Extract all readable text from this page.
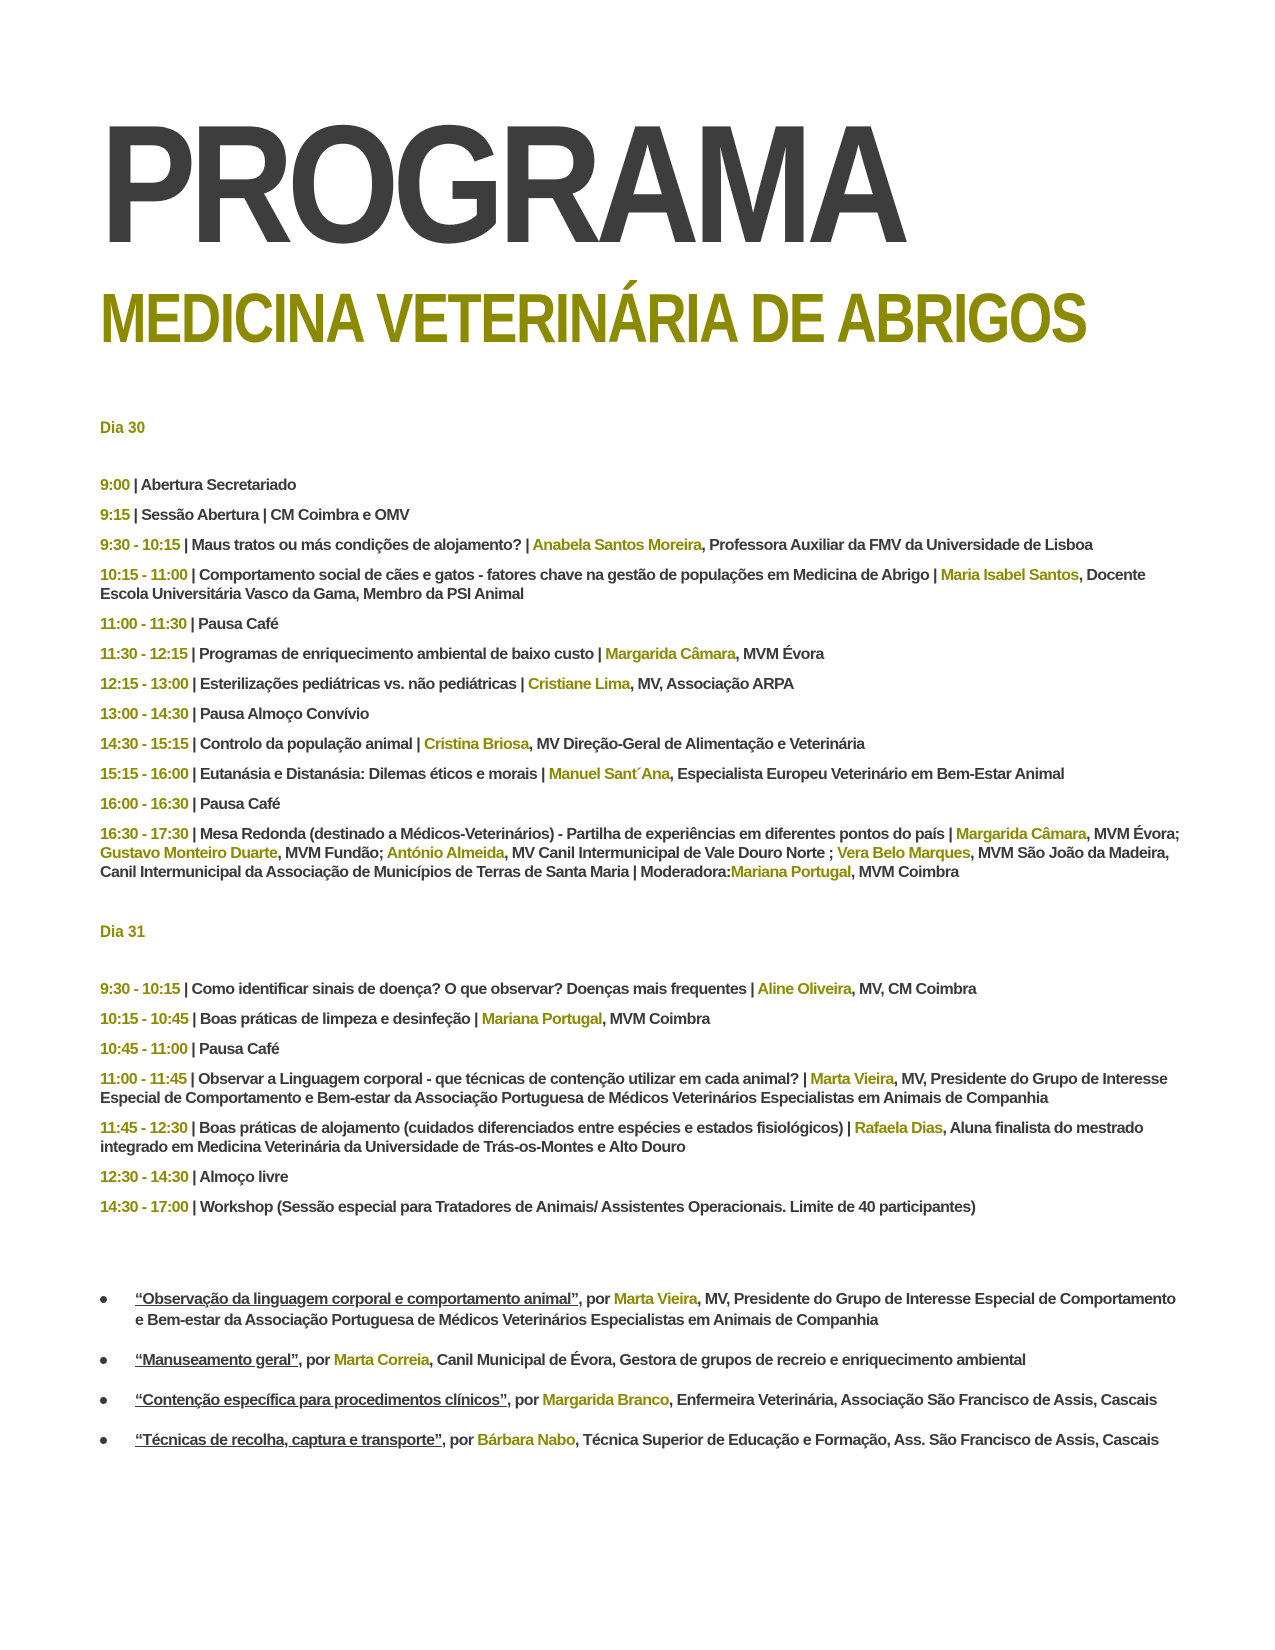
PROGRAMA
MEDICINA VETERINÁRIA DE ABRIGOS
Dia 30

9:00 | Abertura Secretariado

9:15 | Sessão Abertura | CM Coimbra e OMV

9:30 - 10:15 | Maus tratos ou más condições de alojamento? | Anabela Santos Moreira, Professora Auxiliar da FMV da Universidade de Lisboa

10:15 - 11:00 | Comportamento social de cães e gatos - fatores chave na gestão de populações em Medicina de Abrigo | Maria Isabel Santos, Docente Escola Universitária Vasco da Gama, Membro da PSI Animal

11:00 - 11:30 | Pausa Café

11:30 - 12:15 | Programas de enriquecimento ambiental de baixo custo | Margarida Câmara, MVM Évora

12:15 - 13:00 | Esterilizações pediátricas vs. não pediátricas | Cristiane Lima, MV, Associação ARPA

13:00 - 14:30 | Pausa Almoço Convívio

14:30 - 15:15 | Controlo da população animal | Cristina Briosa, MV Direção-Geral de Alimentação e Veterinária

15:15 - 16:00 | Eutanásia e Distanásia: Dilemas éticos e morais | Manuel Sant´Ana, Especialista Europeu Veterinário em Bem-Estar Animal

16:00 - 16:30 | Pausa Café

16:30 - 17:30 | Mesa Redonda (destinado a Médicos-Veterinários) - Partilha de experiências em diferentes pontos do país | Margarida Câmara, MVM Évora; Gustavo Monteiro Duarte, MVM Fundão; António Almeida, MV Canil Intermunicipal de Vale Douro Norte ; Vera Belo Marques, MVM São João da Madeira, Canil Intermunicipal da Associação de Municípios de Terras de Santa Maria | Moderadora:Mariana Portugal, MVM Coimbra

Dia 31

9:30 - 10:15 | Como identificar sinais de doença? O que observar? Doenças mais frequentes | Aline Oliveira, MV, CM Coimbra

10:15 - 10:45 | Boas práticas de limpeza e desinfeção | Mariana Portugal, MVM Coimbra

10:45 - 11:00 | Pausa Café

11:00 - 11:45 | Observar a Linguagem corporal - que técnicas de contenção utilizar em cada animal? | Marta Vieira, MV, Presidente do Grupo de Interesse Especial de Comportamento e Bem-estar da Associação Portuguesa de Médicos Veterinários Especialistas em Animais de Companhia

11:45 - 12:30 | Boas práticas de alojamento (cuidados diferenciados entre espécies e estados fisiológicos) | Rafaela Dias, Aluna finalista do mestrado integrado em Medicina Veterinária da Universidade de Trás-os-Montes e Alto Douro

12:30 - 14:30 | Almoço livre

14:30 - 17:00 | Workshop (Sessão especial para Tratadores de Animais/ Assistentes Operacionais. Limite de 40 participantes)

“Observação da linguagem corporal e comportamento animal”, por Marta Vieira, MV, Presidente do Grupo de Interesse Especial de Comportamento e Bem-estar da Associação Portuguesa de Médicos Veterinários Especialistas em Animais de Companhia
“Manuseamento geral”, por Marta Correia, Canil Municipal de Évora, Gestora de grupos de recreio e enriquecimento ambiental
“Contenção específica para procedimentos clínicos”, por Margarida Branco, Enfermeira Veterinária, Associação São Francisco de Assis, Cascais
“Técnicas de recolha, captura e transporte”, por Bárbara Nabo, Técnica Superior de Educação e Formação, Ass. São Francisco de Assis, Cascais
